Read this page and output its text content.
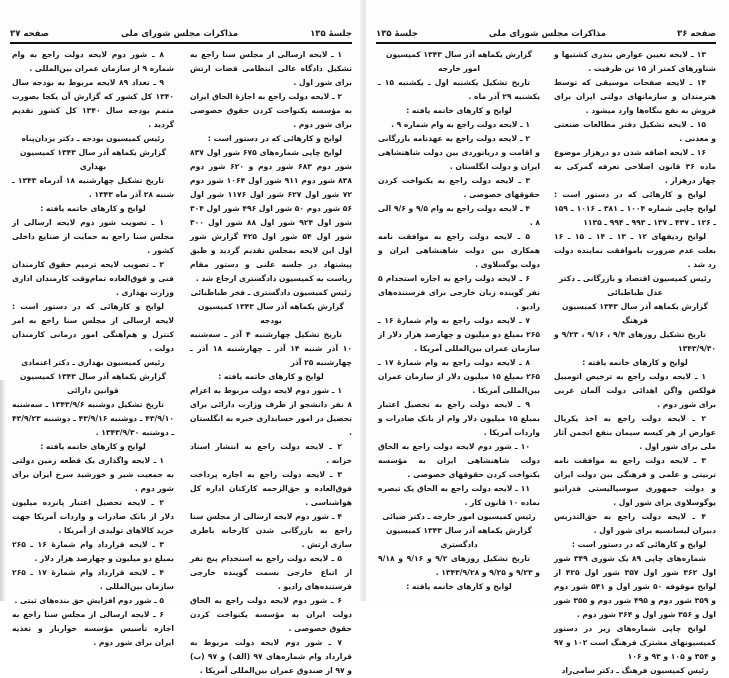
جلسهٔ ۱۳۵
مذاکرات مجلس شورای ملی
صفحه ۳۷

۱ ـ لایحه ارسالی از مجلس سنا راجع به تشکیل دادگاه عالی انتظامی قضات ارتش برای شور اول .

۲ ـ لایحه دولت راجع به اجازهٔ الحاق ایران به مؤسسه یکنواخت کردن حقوق خصوصی برای شور دوم .

لوایح و کارهائی که در دستور است :

لوایح چاپی شماره‌های ۶۷۵ شور اول ۸۳۷ شور دوم ۶۸۳ شور دوم و ۶۲۰ شور دوم ۸۳۸ شور دوم ۹۱۱ شور اول ۱۰۶۴ شور دوم ۷۲ شور اول ۶۲۷ شور اول ۱۱۷۶ شور اول ۵۶ شور دوم ۵۰ شور اول ۴۹۶ شور اول ۳۰۴ شور اول ۹۲۴ شور اول ۸۸ شور اول ۳۰۰ شور اول ۵۴ شور اول ۴۲۵ گزارش شور اول این لایحه بمجلس تقدیم گردید و طبق پیشنهاد در جلسه علنی و دستور مقام ریاست به کمیسیون دادگستری ارجاع شد .

رئیس کمیسیون دادگستری ـ فخر طباطبائی

گزارش یکماهه آذر سال ۱۳۴۳ کمیسیون بودجه

تاریخ تشکیل چهارشنبه ۴ آذر ـ سه‌شنبه ۱۰ آذر شنبه ۱۴ آذر ـ چهارشنبه ۱۸ آذر ـ چهارشنبه ۲۵ آذر

لوایح و کارهای خاتمه یافته :

۱ ـ شور دوم لایحه دولت مربوط به اعزام ۸ نفر دانشجو از طرف وزارت دارائی برای تحصیل در امور حسابداری خبره به انگلستان .

۲ ـ لایحه دولت راجع به انتشار اسناد خزانه .

۳ ـ لایحه دولت راجع به اجازه پرداخت فوق‌العاده و حق‌الزحمه کارکنان اداره کل هواشناسی .

۴ ـ شور دوم لایحه ارسالی از مجلس سنا راجع به بازرگانی شدن کارخانه باطری سازی ارتش .

۵ ـ لایحه دولت راجع به استخدام پنج نفر از اتباع خارجی بسمت گوینده خارجی فرستنده‌های رادیو .

۶ ـ شور دوم لایحه دولت راجع به الحاق دولت ایران به مؤسسه یکنواخت کردن حقوق خصوصی .

۷ ـ شور دوم لایحه دولت مربوط به قرارداد وام شماره‌های ۹۷ (الف) و ۹۷ (ب) و ۹۷ از صندوق عمران بین‌المللی آمریکا .

۸ ـ شور دوم لایحه دولت راجع به وام شماره ۹ از سازمان عمران بین‌المللی .

۹ ـ تعداد ۸۹ لایحه مربوط به بودجه سال ۱۳۴۰ کل کشور که گزارش آن یکجا بصورت متمم بودجه سال ۱۳۴۰ کل کشور تقدیم گردید .

رئیس کمیسیون بودجه ـ دکتر یزدان‌پناه

گزارش یکماهه آذر سال ۱۳۴۳ کمیسیون بهداری

تاریخ تشکیل چهارشنبه ۱۸ آذرماه ۱۳۴۳ ـ شنبه ۲۸ آذر ماه ۱۳۴۳ .

لوایح و کارهای خاتمه یافته :

۱ ـ تصویب شور دوم لایحه ارسالی از مجلس سنا راجع به حمایت از صنایع داخلی کشور .

۲ ـ تصویب لایحه ترمیم حقوق کارمندان فنی و فوق‌العاده تمام‌وقت کارمندان اداری وزارت بهداری .

لوایح و کارهائی که در دستور است : لایحه ارسالی از مجلس سنا راجع به امر کنترل و هم‌آهنگی امور درمانی کارمندان دولت .

رئیس کمیسیون بهداری ـ دکتر اعتمادی

گزارش یکماهه آذر سال ۱۳۴۳ کمیسیون قوانین دارائی

تاریخ تشکیل دوشنبه ۱۳۴۳/۹/۶ ـ سه‌شنبه ۴۳/۹/۱۰ ـ دوشنبه ۴۳/۹/۱۶ ـ دوشنبه ۴۳/۹/۲۳ ـ دوشنبه ۱۳۴۳/۹/۳۰ .

لوایح و کارهای خاتمه یافته :

۱ ـ لایحه واگذاری یک قطعه زمین دولتی به جمعیت شیر و خورشید سرخ ایران برای شور دوم .

۲ ـ لایحه تحصیل اعتبار پانزده میلیون دلار از بانک صادرات و واردات آمریکا جهت خرید کالاهای تولیدی از آمریکا .

۳ ـ لایحه قرارداد وام شمارهٔ ۱۶ ـ ۲۶۵ بمبلغ دو میلیون و چهارصد هزار دلار .

۴ ـ لایحه قرارداد وام شمارهٔ ۱۷ ـ ۲۶۵ سازمان بین‌المللی .

۵ ـ شور دوم افزایش حق بنده‌های ثبتی .

۶ ـ لایحه ارسالی از مجلس سنا راجع به اجازه تأسیس مؤسسه خواربار و تغذیه ایران برای شور دوم .

صفحه ۳۶
مذاکرات مجلس شورای ملی
جلسهٔ ۱۳۵

۱۳ ـ لایحه تعیین عوارض بندری کشتیها و شناورهای کمتر از ۱۵ تن ظرفیت .

۱۴ ـ لایحه صفحات موسیقی که توسط هنرمندان و سازمانهای دولتی ایران برای فروش به نفع بنگاه‌ها وارد میشود .

۱۵ ـ لایحه تشکیل دفتر مطالعات صنعتی و معدنی .

۱۶ ـ لایحه اضافه شدن دو درهزار موضوع ماده ۳۶ قانون اصلاحی تعرفه گمرکی به چهار درهزار .

لوایح و کارهائی که در دستور است : لوایح چاپی شماره ۱۰۰۴ ـ ۳۸۱ ـ ۱۰۱۶ ـ ۱۵۹ ـ ۱۲۶ ـ ۴۳۷ ـ ۱۳۷ ـ ۹۹۳ ـ ۹۹۴ ـ ۱۱۳۵

لوایح ردیفهای ۱۲ ـ ۱۳ ـ ۱۴ ـ ۱۵ ـ ۱۶ بعلت عدم ضرورت باموافقت نماینده دولت رد شد .

رئیس کمیسیون اقتصاد و بازرگانی ـ دکتر عدل طباطبائی

گزارش یکماهه آذر سال ۱۳۴۳ کمیسیون فرهنگ

تاریخ تشکیل روزهای ۹/۴ ، ۹/۱۶ ، ۹/۲۳ و ۱۳۴۳/۹/۳۰

لوایح و کارهای خاتمه یافته :

۱ ـ لایحه دولت راجع به ترخیص اتومبیل فولکس واگن اهدائی دولت آلمان غربی برای شور دوم .

۲ ـ لایحه دولت راجع به اخذ یکریال عوارض از هر کیسه سیمان بنفع انجمن آثار ملی برای شور اول .

۳ ـ لایحه دولت راجع به موافقت نامه تربیتی و علمی و فرهنگی بین دولت ایران و دولت جمهوری سوسیالیستی فدراتیو یوگوسلاوی برای شور اول .

۴ ـ لایحه دولت راجع به حق‌التدریس دبیران لیسانسیه برای شور اول .

لوایح و کارهائی که در دستور است :

شماره‌های چاپی ۸۹ یک شوری ۳۴۹ شور اول ۳۶۲ شور اول ۳۵۷ شور اول ۴۲۵ از لوایح موقوفه ۵۰ شور اول و ۵۴۱ شور دوم و ۳۵۹ شور دوم و ۴۹۵ شور دوم و ۳۵۵ شور اول و ۳۵۶ شور اول و ۳۶۴ شور دوم .

لوایح چاپی شماره‌های زیر در دستور کمیسیونهای مشترک فرهنگ است ۱۰۲ و ۹۷ و ۳۵۴ و ۱۰۵ و ۹۳ و ۱۰۶

رئیس کمیسیون فرهنگ ـ دکتر سامی‌راد

گزارش یکماهه آذر سال ۱۳۴۳ کمیسیون امور خارجه

تاریخ تشکیل یکشنبه اول ـ یکشنبه ۱۵ ـ یکشنبه ۲۹ آذر ماه .

لوایح و کارهای خاتمه یافته :

۱ ـ لایحه دولت راجع به وام شماره ۹ .

۲ ـ لایحه دولت راجع به عهدنامه بازرگانی و اقامت و دریانوردی بین دولت شاهنشاهی ایران و دولت انگلستان .

۳ ـ لایحه دولت راجع به یکنواخت کردن حقوقهای خصوصی .

۴ ـ لایحه دولت راجع به وام ۹/۵ و ۹/۶ الی ۸ .

۵ ـ لایحه دولت راجع به موافقت نامه همکاری بین دولت شاهنشاهی ایران و دولت یوگسلاوی .

۶ ـ لایحه دولت راجع به اجازه استخدام ۵ نفر گوینده زبان خارجی برای فرستنده‌های رادیو .

۷ ـ لایحه دولت راجع به وام شمارهٔ ۱۶ ـ ۲۶۵ بمبلغ دو میلیون و چهارصد هزار دلار از سازمان عمران بین‌المللی آمریکا .

۸ ـ لایحه دولت راجع به وام شمارهٔ ۱۷ ـ ۲۶۵ بمبلغ ۱۵ میلیون دلار از سازمان عمران بین‌المللی آمریکا .

۹ ـ لایحه دولت راجع به تحصیل اعتبار بمبلغ ۱۵ میلیون دلار وام از بانک صادرات و واردات آمریکا .

۱۰ ـ شور دوم لایحه دولت راجع به الحاق دولت شاهنشاهی ایران به مؤسسه یکنواخت کردن حقوقهای خصوصی .

۱۱ ـ لایحه دولت راجع به الحاق یک تبصره بماده ۱۰ قانون کار .

رئیس کمیسیون امور خارجه ـ دکتر ضیائی

گزارش یکماهه آذر سال ۱۳۴۳ کمیسیون دادگستری

تاریخ تشکیل روزهای ۹/۲ و ۹/۱۶ و ۹/۱۸ و ۹/۲۳ و ۹/۲۵ و ۱۳۴۳/۹/۲۸ .

لوایح و کارهای خاتمه یافته :
